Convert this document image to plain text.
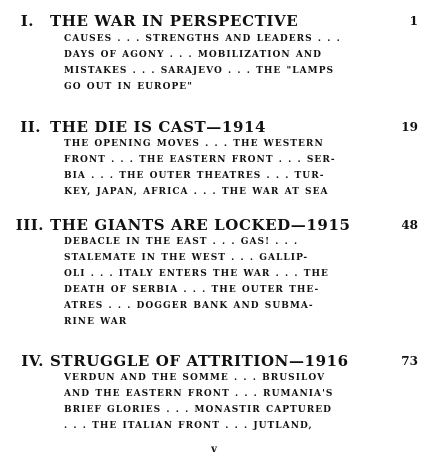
I. THE WAR IN PERSPECTIVE	1
CAUSES . . . STRENGTHS AND LEADERS . . .
DAYS OF AGONY . . . MOBILIZATION AND
MISTAKES . . . SARAJEVO . . . THE "LAMPS
GO OUT IN EUROPE"
II. THE DIE IS CAST—1914	19
THE OPENING MOVES . . . THE WESTERN
FRONT . . . THE EASTERN FRONT . . . SER-
BIA . . . THE OUTER THEATRES . . . TUR-
KEY, JAPAN, AFRICA . . . THE WAR AT SEA
III. THE GIANTS ARE LOCKED—1915	48
DEBACLE IN THE EAST . . . GAS! . . .
STALEMATE IN THE WEST . . . GALLIP-
OLI . . . ITALY ENTERS THE WAR . . . THE
DEATH OF SERBIA . . . THE OUTER THE-
ATRES . . . DOGGER BANK AND SUBMA-
RINE WAR
IV. STRUGGLE OF ATTRITION—1916	73
VERDUN AND THE SOMME . . . BRUSILOV
AND THE EASTERN FRONT . . . RUMANIA'S
BRIEF GLORIES . . . MONASTIR CAPTURED
. . . THE ITALIAN FRONT . . . JUTLAND,
v
